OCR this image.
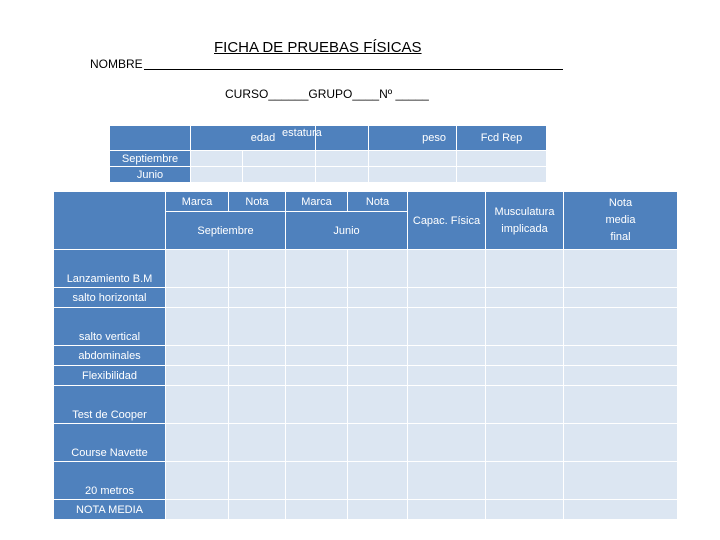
FICHA DE PRUEBAS FÍSICAS
NOMBRE
CURSO______GRUPO____Nº _____
	edad		estatura	peso	Fcd Rep	Fcd Max
Septiembre						
Junio						
	Marca	Nota	Marca	Nota	Capac. Física	Musculatura implicada	Nota media final
	Septiembre		Junio				
Lanzamiento B.M							
salto horizontal							
salto vertical							
abdominales							
Flexibilidad							
Test de Cooper							
Course Navette							
20 metros							
NOTA MEDIA							
